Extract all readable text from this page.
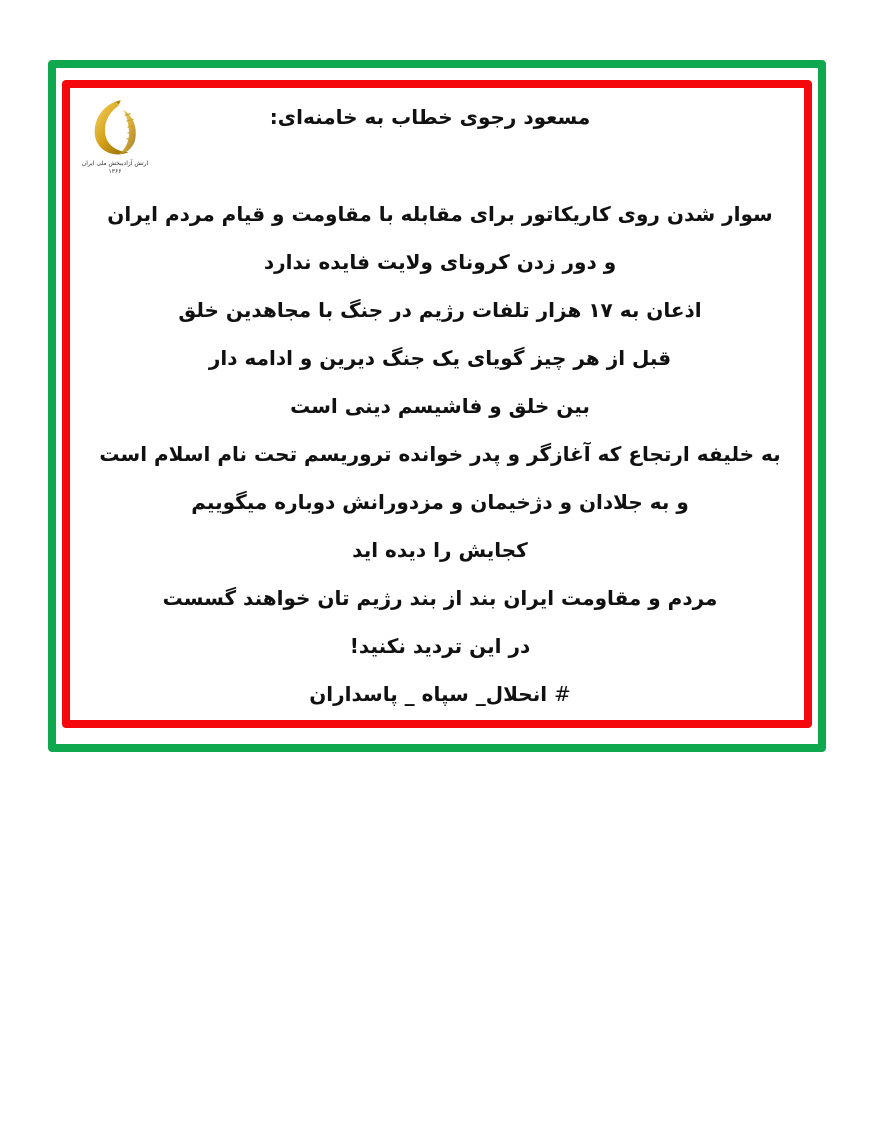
ارتش آزادیبخش ملی ایران
۱۳۶۶
مسعود رجوی خطاب به خامنه‌ای:
سوار شدن روی کاریکاتور برای مقابله با مقاومت و قیام مردم ایران
و دور زدن کرونای ولایت فایده ندارد
اذعان به ۱۷ هزار تلفات رژیم در جنگ با مجاهدین خلق
قبل از هر چیز گویای یک جنگ دیرین و ادامه دار
بین خلق و فاشیسم دینی است
به خلیفه ارتجاع که آغازگر و پدر خوانده تروریسم تحت نام اسلام است
و به جلادان و دژخیمان و مزدورانش دوباره میگوییم
کجایش را دیده اید
مردم و مقاومت ایران بند از بند رژیم تان خواهند گسست
در این تردید نکنید!
# انحلال_ سپاه _ پاسداران
